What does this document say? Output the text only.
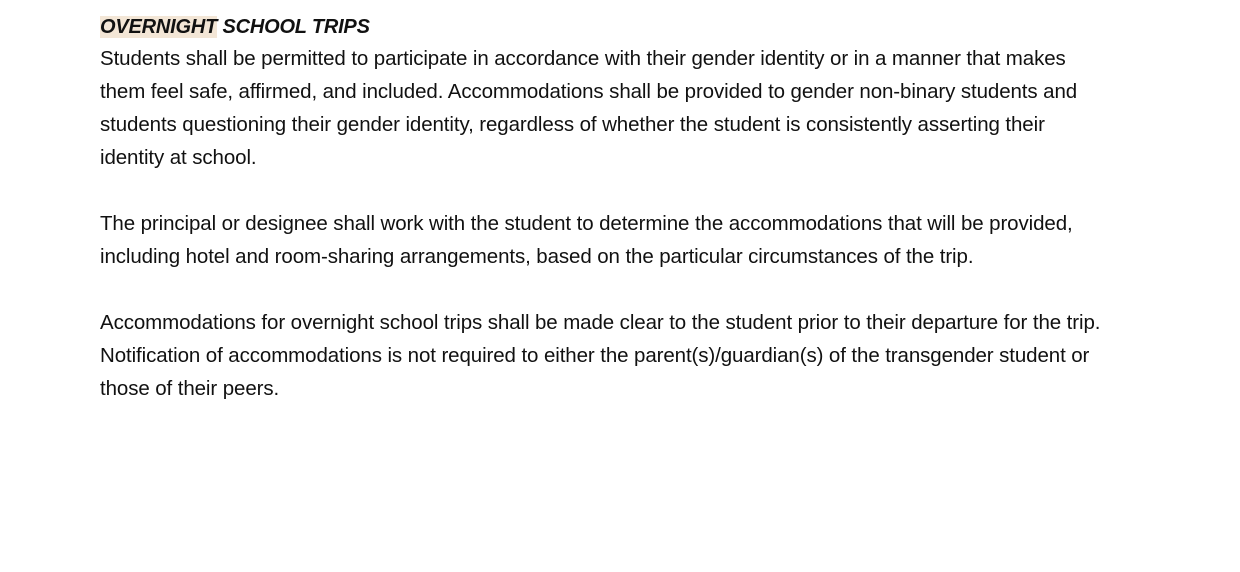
OVERNIGHT SCHOOL TRIPS

Students shall be permitted to participate in accordance with their gender identity or in a manner that makes them feel safe, affirmed, and included. Accommodations shall be provided to gender non-binary students and students questioning their gender identity, regardless of whether the student is consistently asserting their identity at school.

The principal or designee shall work with the student to determine the accommodations that will be provided, including hotel and room-sharing arrangements, based on the particular circumstances of the trip.

Accommodations for overnight school trips shall be made clear to the student prior to their departure for the trip. Notification of accommodations is not required to either the parent(s)/guardian(s) of the transgender student or those of their peers.
